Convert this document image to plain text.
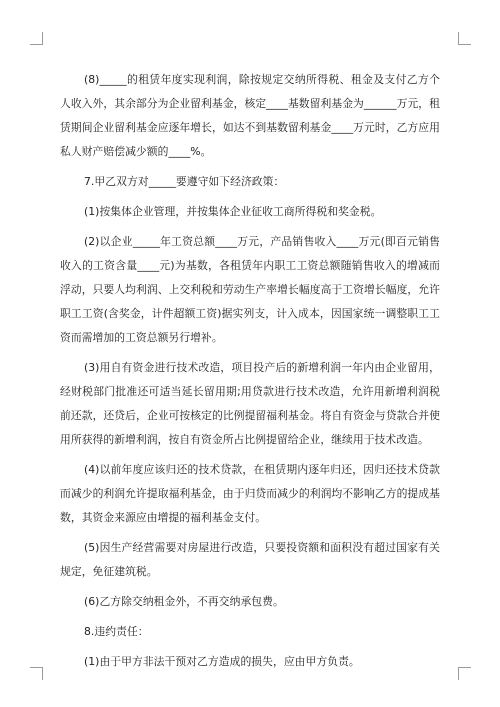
(8)_____的租赁年度实现利润，除按规定交纳所得税、租金及支付乙方个人收入外，其余部分为企业留利基金，核定____基数留利基金为______万元，租赁期间企业留利基金应逐年增长，如达不到基数留利基金____万元时，乙方应用私人财产赔偿减少额的____%。

7.甲乙双方对_____要遵守如下经济政策：

(1)按集体企业管理，并按集体企业征收工商所得税和奖金税。

(2)以企业_____年工资总额____万元，产品销售收入____万元(即百元销售收入的工资含量____元)为基数，各租赁年内职工工资总额随销售收入的增减而浮动，只要人均利润、上交利税和劳动生产率增长幅度高于工资增长幅度，允许职工工资(含奖金，计件超额工资)据实列支，计入成本，因国家统一调整职工工资而需增加的工资总额另行增补。

(3)用自有资金进行技术改造，项目投产后的新增利润一年内由企业留用，经财税部门批准还可适当延长留用期;用贷款进行技术改造，允许用新增利润税前还款，还贷后，企业可按核定的比例提留福利基金。将自有资金与贷款合并使用所获得的新增利润，按自有资金所占比例提留给企业，继续用于技术改造。

(4)以前年度应该归还的技术贷款，在租赁期内逐年归还，因归还技术贷款而减少的利润允许提取福利基金，由于归贷而减少的利润均不影响乙方的提成基数，其资金来源应由增提的福利基金支付。

(5)因生产经营需要对房屋进行改造，只要投资额和面积没有超过国家有关规定，免征建筑税。

(6)乙方除交纳租金外，不再交纳承包费。

8.违约责任：

(1)由于甲方非法干预对乙方造成的损失，应由甲方负责。
